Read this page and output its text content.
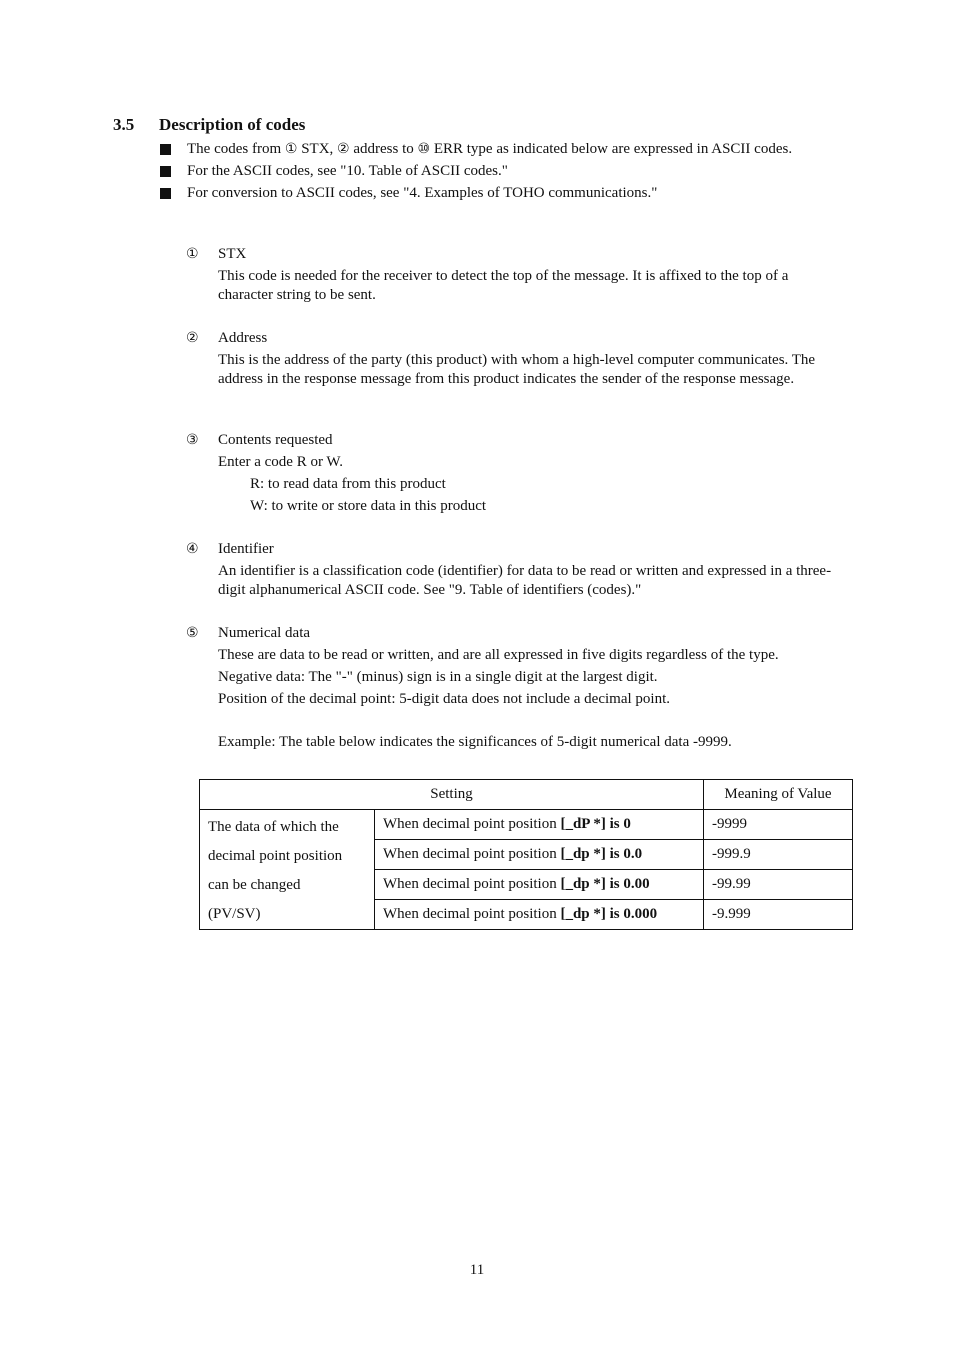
3.5 Description of codes
The codes from ① STX, ② address to ⑩ ERR type as indicated below are expressed in ASCII codes.
For the ASCII codes, see "10. Table of ASCII codes."
For conversion to ASCII codes, see "4. Examples of TOHO communications."
① STX

This code is needed for the receiver to detect the top of the message. It is affixed to the top of a character string to be sent.

② Address

This is the address of the party (this product) with whom a high-level computer communicates. The address in the response message from this product indicates the sender of the response message.

③ Contents requested

Enter a code R or W.

R: to read data from this product
W: to write or store data in this product
④ Identifier

An identifier is a classification code (identifier) for data to be read or written and expressed in a three-digit alphanumerical ASCII code. See "9. Table of identifiers (codes)."

⑤ Numerical data

These are data to be read or written, and are all expressed in five digits regardless of the type.

Negative data: The "-" (minus) sign is in a single digit at the largest digit.

Position of the decimal point: 5-digit data does not include a decimal point.

Example: The table below indicates the significances of 5-digit numerical data -9999.

Setting		Meaning of Value

The data of which the
decimal point position
can be changed
(PV/SV)	When decimal point position [_dP *] is 0	-9999
	When decimal point position [_dp *] is 0.0	-999.9
	When decimal point position [_dp *] is 0.00	-99.99
	When decimal point position [_dp *] is 0.000	-9.999
11
